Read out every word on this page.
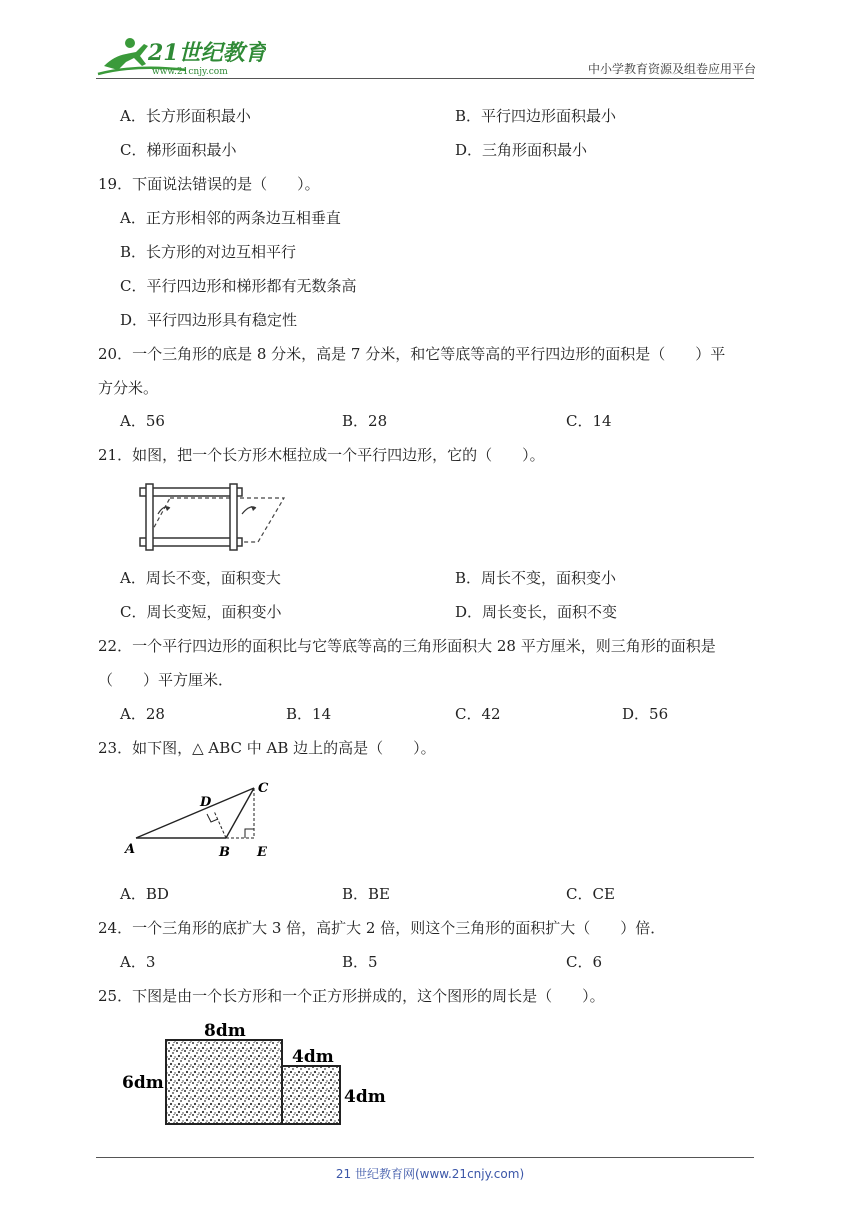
21世纪教育
www.21cnjy.com	中小学教育资源及组卷应用平台
A．长方形面积最小	B．平行四边形面积最小
C．梯形面积最小	D．三角形面积最小
19．下面说法错误的是（　　）。
A．正方形相邻的两条边互相垂直
B．长方形的对边互相平行
C．平行四边形和梯形都有无数条高
D．平行四边形具有稳定性
20．一个三角形的底是 8 分米，高是 7 分米，和它等底等高的平行四边形的面积是（　　）平
方分米。
A．56	B．28	C．14
21．如图，把一个长方形木框拉成一个平行四边形，它的（　　）。
A．周长不变，面积变大	B．周长不变，面积变小
C．周长变短，面积变小	D．周长变长，面积不变
22．一个平行四边形的面积比与它等底等高的三角形面积大 28 平方厘米，则三角形的面积是
（　　）平方厘米．
A．28	B．14	C．42	D．56
23．如下图，△ ABC 中 AB 边上的高是（　　）。
A	B
C
D
E
A．BD	B．BE	C．CE
24．一个三角形的底扩大 3 倍，高扩大 2 倍，则这个三角形的面积扩大（　　）倍．
A．3	B．5	C．6
25．下图是由一个长方形和一个正方形拼成的，这个图形的周长是（　　）。
8dm
6dm
4dm
4dm
21 世纪教育网(www.21cnjy.com)
